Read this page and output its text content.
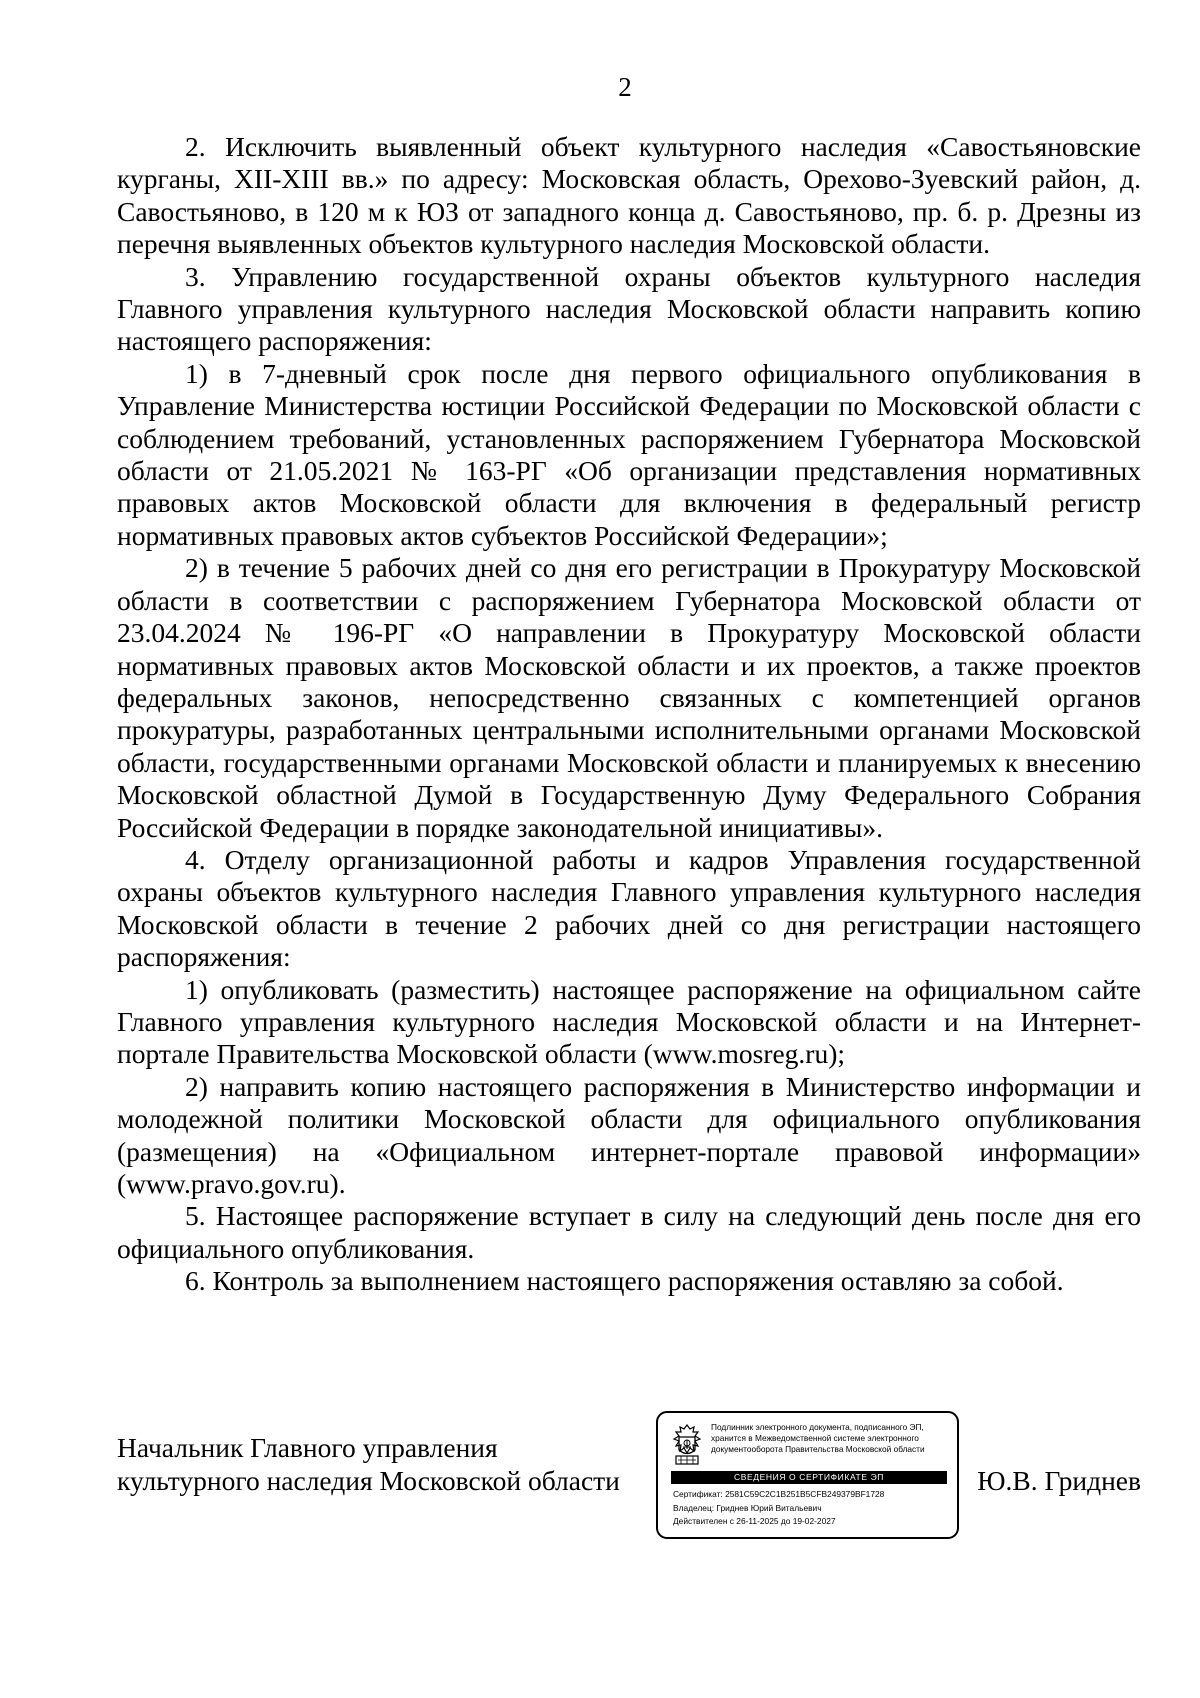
2

2. Исключить выявленный объект культурного наследия «Савостьяновские курганы, XII-XIII вв.» по адресу: Московская область, Орехово-Зуевский район, д. Савостьяново, в 120 м к ЮЗ от западного конца д. Савостьяново, пр. б. р. Дрезны из перечня выявленных объектов культурного наследия Московской области.

3. Управлению государственной охраны объектов культурного наследия Главного управления культурного наследия Московской области направить копию настоящего распоряжения:

1) в 7-дневный срок после дня первого официального опубликования в Управление Министерства юстиции Российской Федерации по Московской области с соблюдением требований, установленных распоряжением Губернатора Московской области от 21.05.2021 № 163-РГ «Об организации представления нормативных правовых актов Московской области для включения в федеральный регистр нормативных правовых актов субъектов Российской Федерации»;

2) в течение 5 рабочих дней со дня его регистрации в Прокуратуру Московской области в соответствии с распоряжением Губернатора Московской области от 23.04.2024 № 196-РГ «О направлении в Прокуратуру Московской области нормативных правовых актов Московской области и их проектов, а также проектов федеральных законов, непосредственно связанных с компетенцией органов прокуратуры, разработанных центральными исполнительными органами Московской области, государственными органами Московской области и планируемых к внесению Московской областной Думой в Государственную Думу Федерального Собрания Российской Федерации в порядке законодательной инициативы».

4. Отделу организационной работы и кадров Управления государственной охраны объектов культурного наследия Главного управления культурного наследия Московской области в течение 2 рабочих дней со дня регистрации настоящего распоряжения:

1) опубликовать (разместить) настоящее распоряжение на официальном сайте Главного управления культурного наследия Московской области и на Интернет-портале Правительства Московской области (www.mosreg.ru);

2) направить копию настоящего распоряжения в Министерство информации и молодежной политики Московской области для официального опубликования (размещения) на «Официальном интернет-портале правовой информации» (www.pravo.gov.ru).

5. Настоящее распоряжение вступает в силу на следующий день после дня его официального опубликования.

6. Контроль за выполнением настоящего распоряжения оставляю за собой.

Начальник Главного управления
культурного наследия Московской области	Ю.В. Гриднев
Подлинник электронного документа, подписанного ЭП,
хранится в Межведомственной системе электронного
документооборота Правительства Московской области
СВЕДЕНИЯ О СЕРТИФИКАТЕ ЭП
Сертификат: 2581C59C2C1B251B5CFB249379BF1728
Владелец: Гриднев Юрий Витальевич
Действителен с 26-11-2025 до 19-02-2027
